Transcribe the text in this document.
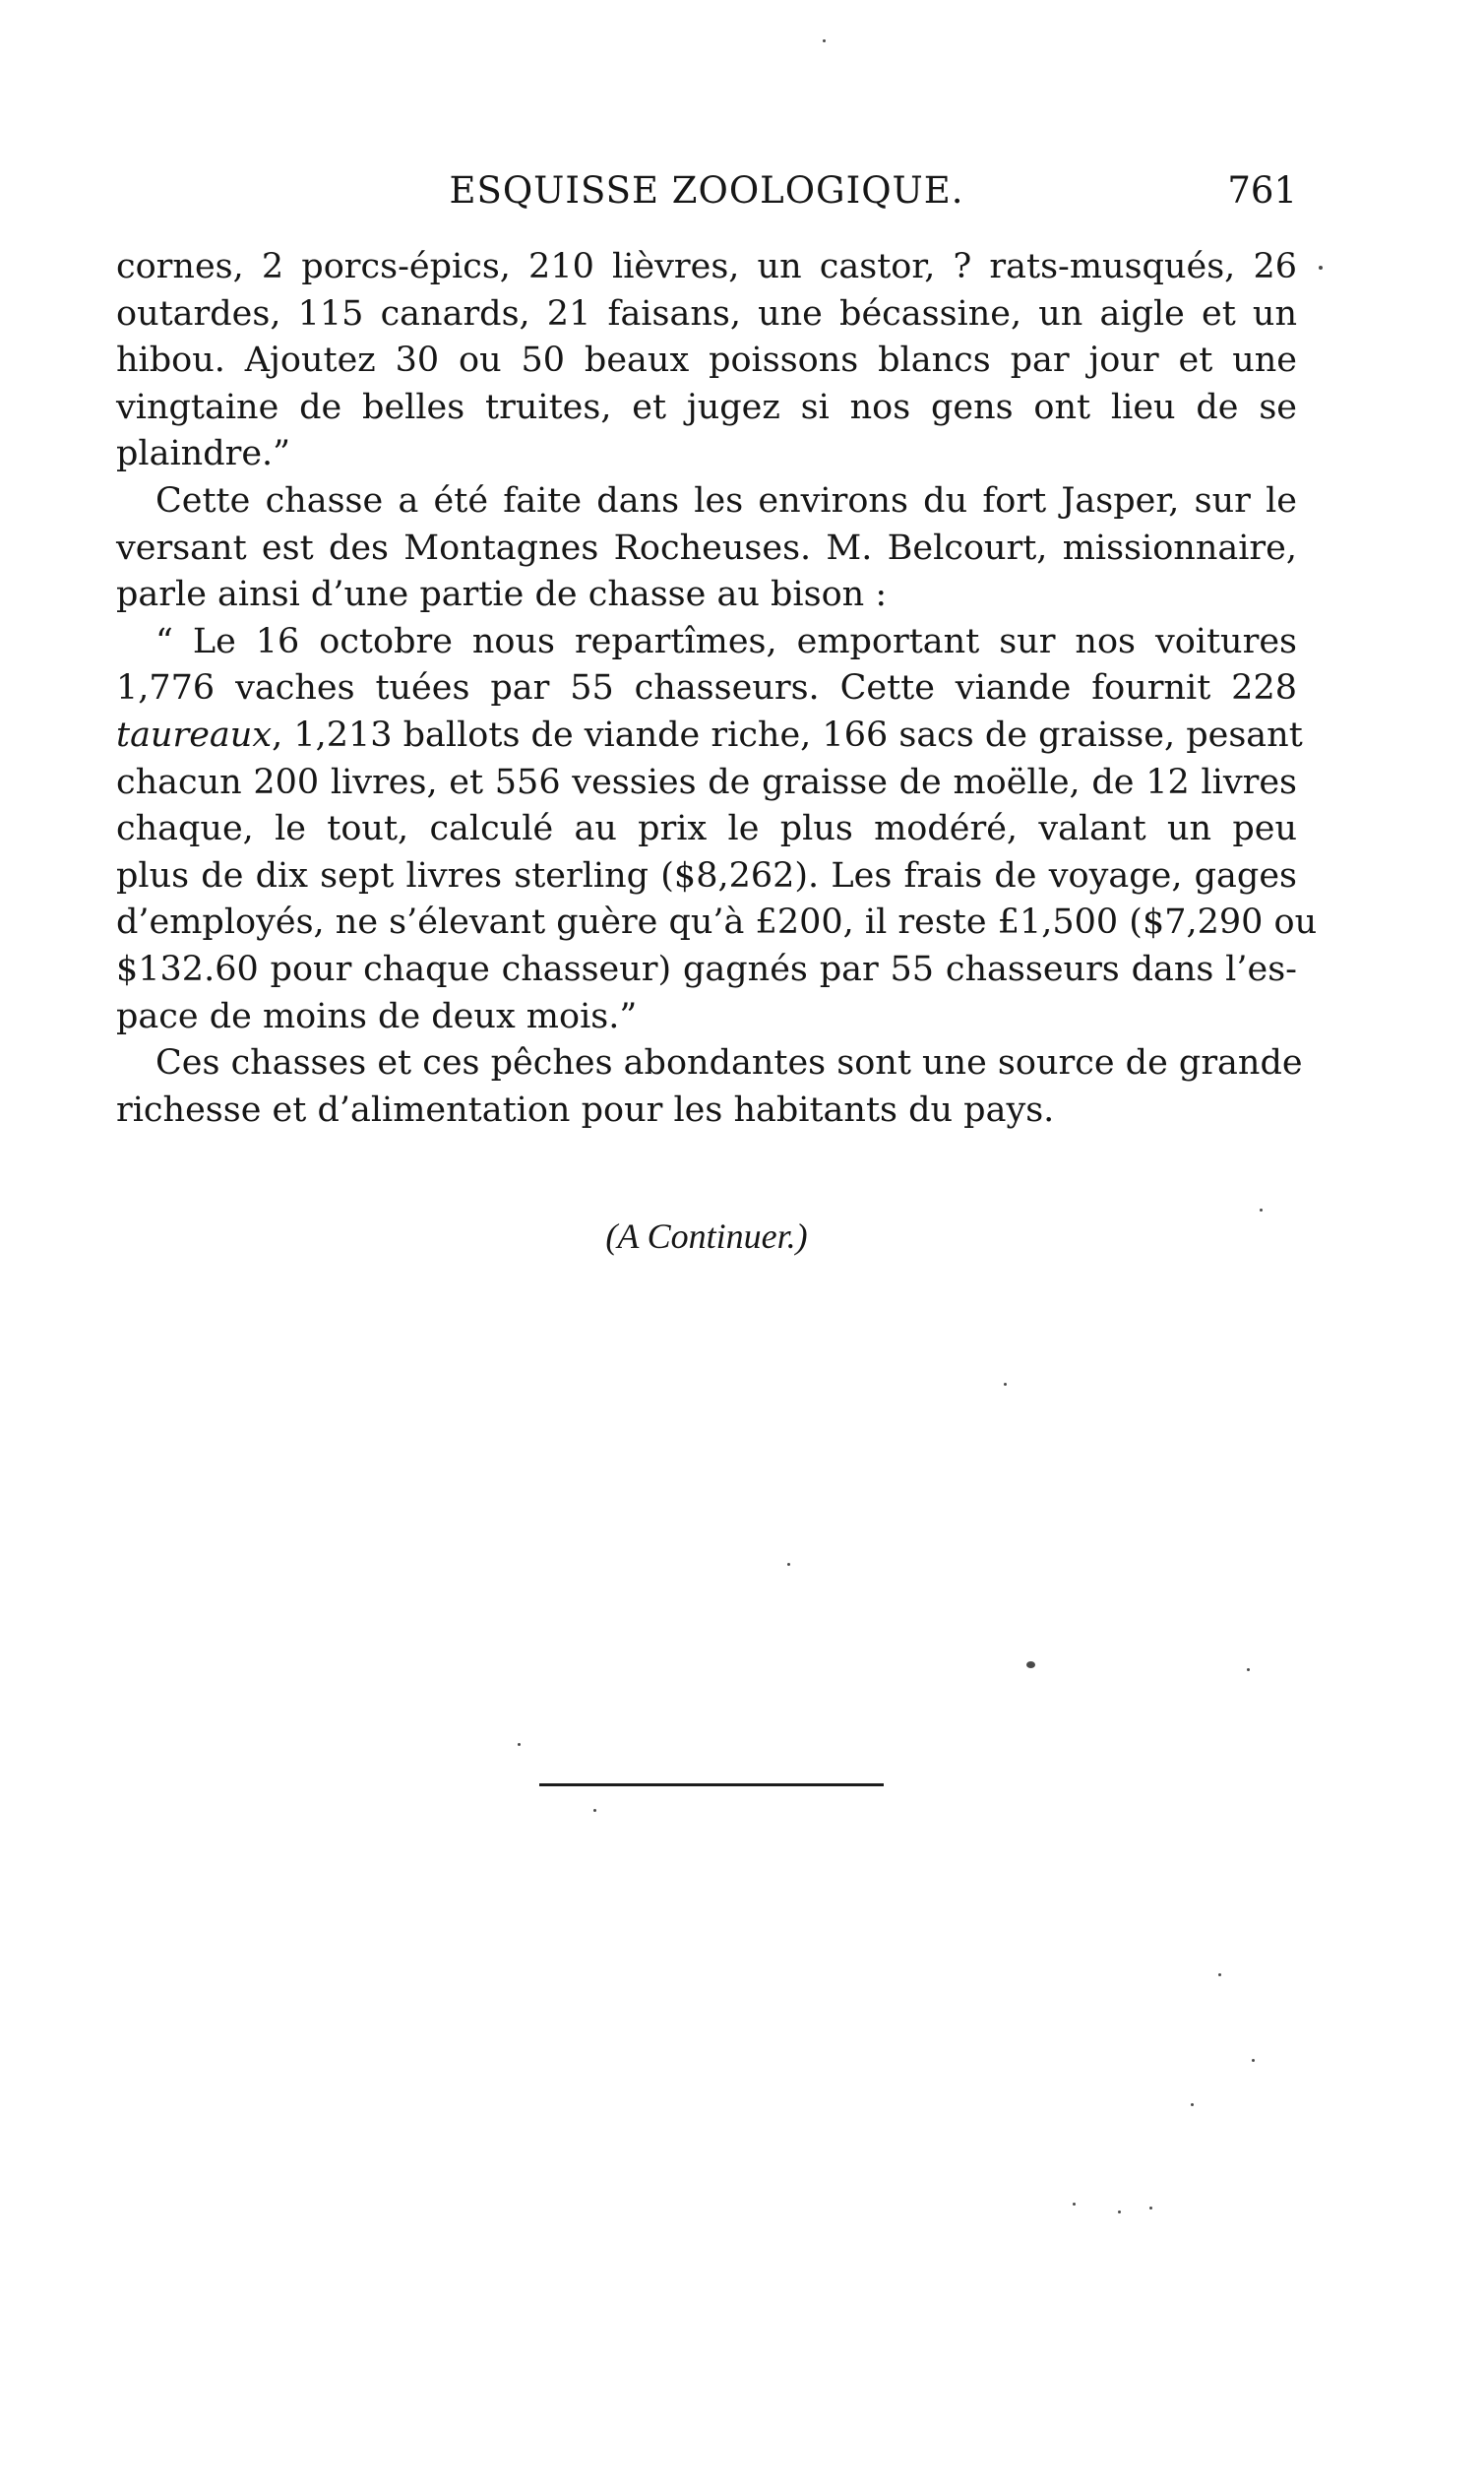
ESQUISSE ZOOLOGIQUE.	761
cornes, 2 porcs-épics, 210 lièvres, un castor, ? rats-musqués, 26
outardes, 115 canards, 21 faisans, une bécassine, un aigle et un
hibou. Ajoutez 30 ou 50 beaux poissons blancs par jour et une
vingtaine de belles truites, et jugez si nos gens ont lieu de se
plaindre.”
Cette chasse a été faite dans les environs du fort Jasper, sur le
versant est des Montagnes Rocheuses. M. Belcourt, missionnaire,
parle ainsi d’une partie de chasse au bison :
“ Le 16 octobre nous repartîmes, emportant sur nos voitures
1,776 vaches tuées par 55 chasseurs. Cette viande fournit 228
taureaux, 1,213 ballots de viande riche, 166 sacs de graisse, pesant
chacun 200 livres, et 556 vessies de graisse de moëlle, de 12 livres
chaque, le tout, calculé au prix le plus modéré, valant un peu
plus de dix sept livres sterling ($8,262). Les frais de voyage, gages
d’employés, ne s’élevant guère qu’à £200, il reste £1,500 ($7,290 ou
$132.60 pour chaque chasseur) gagnés par 55 chasseurs dans l’es-
pace de moins de deux mois.”
Ces chasses et ces pêches abondantes sont une source de grande
richesse et d’alimentation pour les habitants du pays.
(A Continuer.)
